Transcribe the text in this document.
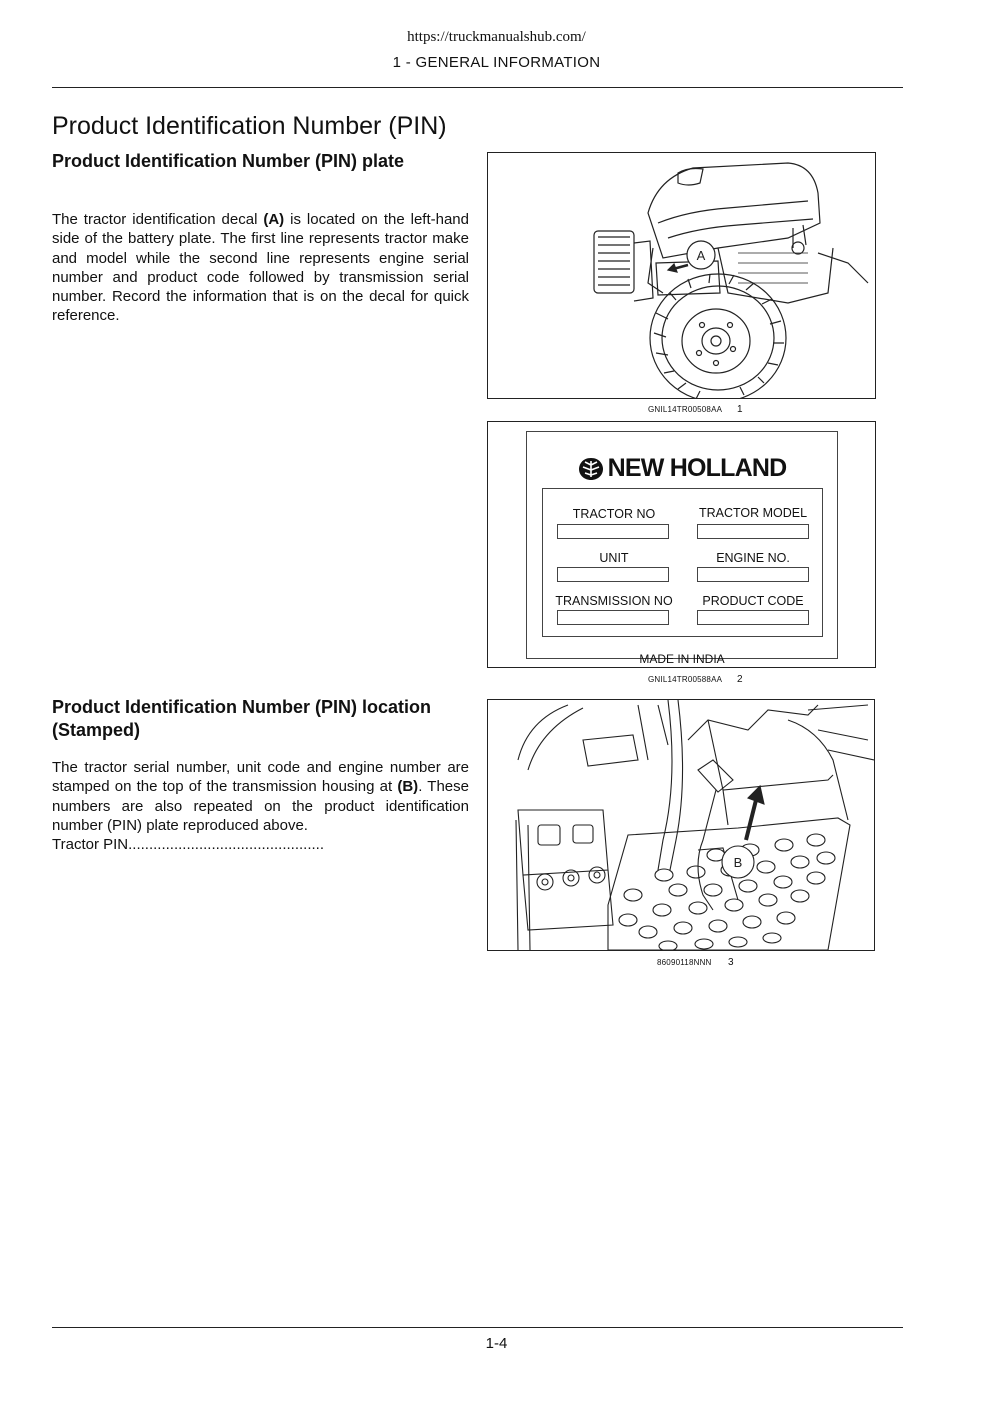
https://truckmanualshub.com/
1 - GENERAL INFORMATION
Product Identification Number (PIN)
Product Identification Number (PIN) plate

The tractor identification decal (A) is located on the left-hand side of the battery plate. The first line represents tractor make and model while the second line represents engine serial number and product code followed by transmission serial number. Record the information that is on the decal for quick reference.

Product Identification Number (PIN) location (Stamped)

The tractor serial number, unit code and engine number are stamped on the top of the transmission housing at (B). These numbers are also repeated on the product identification number (PIN) plate reproduced above.
Tractor PIN...............................................

A
GNIL14TR00508AA 1
NEW HOLLAND
TRACTOR NO	TRACTOR MODEL
UNIT	ENGINE NO.
TRANSMISSION NO	PRODUCT CODE
MADE IN INDIA
GNIL14TR00588AA 2
B
86090118NNN 3
1-4
